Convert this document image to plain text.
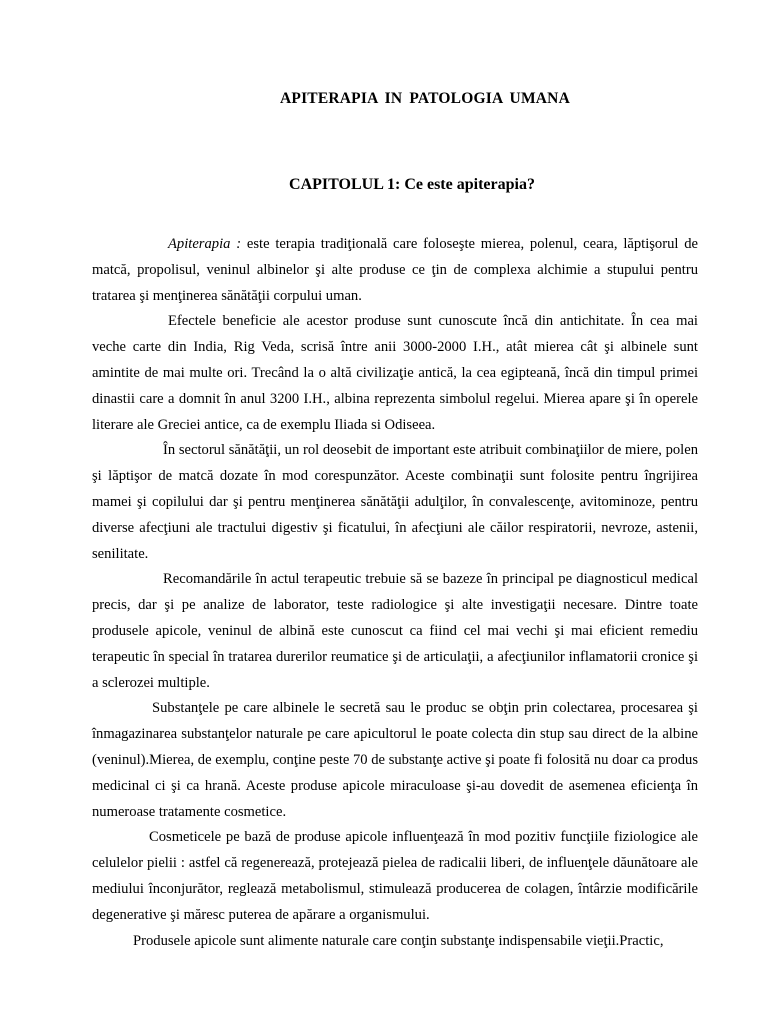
APITERAPIA IN PATOLOGIA UMANA
CAPITOLUL 1: Ce este apiterapia?

Apiterapia : este terapia tradiţională care foloseşte mierea, polenul, ceara, lăptişorul de matcă, propolisul, veninul albinelor şi alte produse ce ţin de complexa alchimie a stupului pentru tratarea şi menţinerea sănătăţii corpului uman.

Efectele beneficie ale acestor produse sunt cunoscute încă din antichitate. În cea mai veche carte din India, Rig Veda, scrisă între anii 3000-2000 I.H., atât mierea cât şi albinele sunt amintite de mai multe ori. Trecând la o altă civilizaţie antică, la cea egipteană, încă din timpul primei dinastii care a domnit în anul 3200 I.H., albina reprezenta simbolul regelui. Mierea apare şi în operele literare ale Greciei antice, ca de exemplu Iliada si Odiseea.

În sectorul sănătăţii, un rol deosebit de important este atribuit combinaţiilor de miere, polen şi lăptişor de matcă dozate în mod corespunzător. Aceste combinaţii sunt folosite pentru îngrijirea mamei şi copilului dar şi pentru menţinerea sănătăţii adulţilor, în convalescenţe, avitominoze, pentru diverse afecţiuni ale tractului digestiv şi ficatului, în afecţiuni ale căilor respiratorii, nevroze, astenii, senilitate.

Recomandările în actul terapeutic trebuie să se bazeze în principal pe diagnosticul medical precis, dar şi pe analize de laborator, teste radiologice şi alte investigaţii necesare. Dintre toate produsele apicole, veninul de albină este cunoscut ca fiind cel mai vechi şi mai eficient remediu terapeutic în special în tratarea durerilor reumatice şi de articulaţii, a afecţiunilor inflamatorii cronice şi a sclerozei multiple.

Substanţele pe care albinele le secretă sau le produc se obţin prin colectarea, procesarea şi înmagazinarea substanţelor naturale pe care apicultorul le poate colecta din stup sau direct de la albine (veninul).Mierea, de exemplu, conţine peste 70 de substanţe active şi poate fi folosită nu doar ca produs medicinal ci şi ca hrană. Aceste produse apicole miraculoase şi-au dovedit de asemenea eficienţa în numeroase tratamente cosmetice.

Cosmeticele pe bază de produse apicole influenţează în mod pozitiv funcţiile fiziologice ale celulelor pielii : astfel că regenerează, protejează pielea de radicalii liberi, de influenţele dăunătoare ale mediului înconjurător, reglează metabolismul, stimulează producerea de colagen, întârzie modificările degenerative şi măresc puterea de apărare a organismului.

Produsele apicole sunt alimente naturale care conţin substanţe indispensabile vieţii.Practic,
